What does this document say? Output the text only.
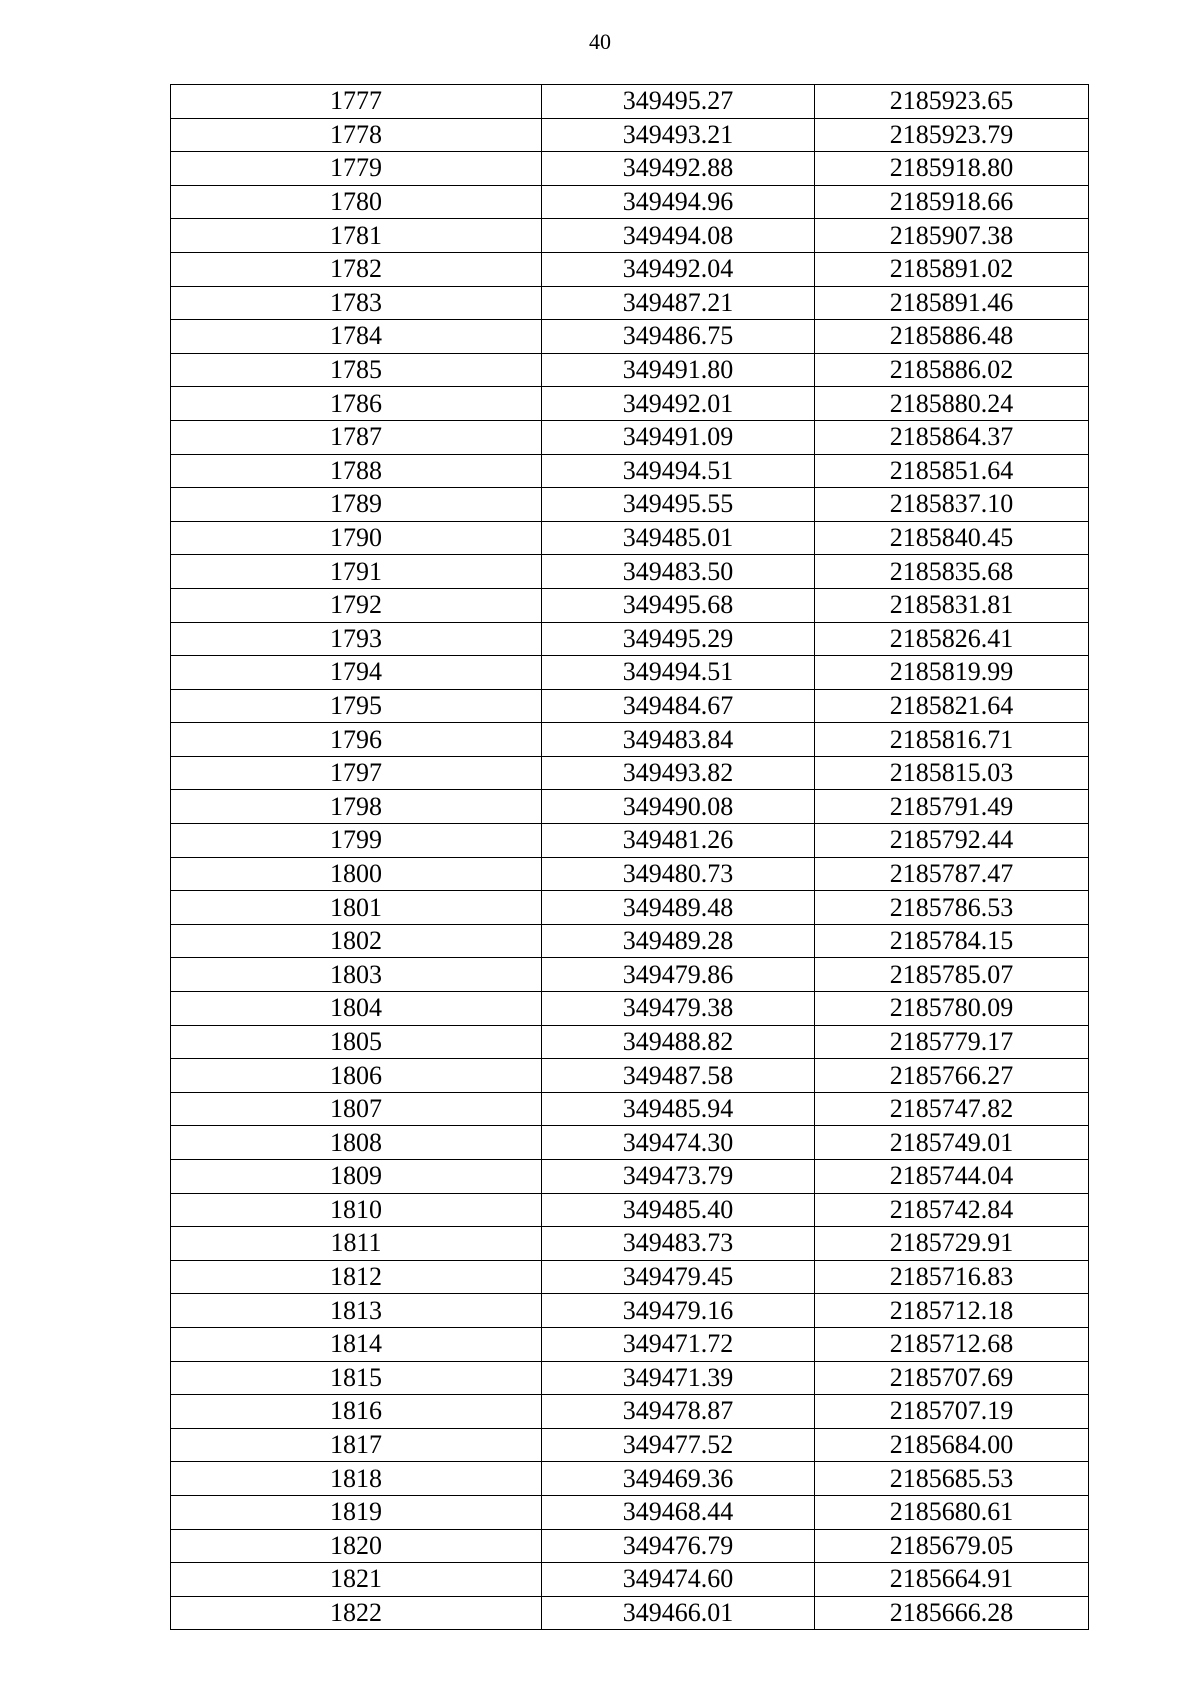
40
1777	349495.27	2185923.65
1778	349493.21	2185923.79
1779	349492.88	2185918.80
1780	349494.96	2185918.66
1781	349494.08	2185907.38
1782	349492.04	2185891.02
1783	349487.21	2185891.46
1784	349486.75	2185886.48
1785	349491.80	2185886.02
1786	349492.01	2185880.24
1787	349491.09	2185864.37
1788	349494.51	2185851.64
1789	349495.55	2185837.10
1790	349485.01	2185840.45
1791	349483.50	2185835.68
1792	349495.68	2185831.81
1793	349495.29	2185826.41
1794	349494.51	2185819.99
1795	349484.67	2185821.64
1796	349483.84	2185816.71
1797	349493.82	2185815.03
1798	349490.08	2185791.49
1799	349481.26	2185792.44
1800	349480.73	2185787.47
1801	349489.48	2185786.53
1802	349489.28	2185784.15
1803	349479.86	2185785.07
1804	349479.38	2185780.09
1805	349488.82	2185779.17
1806	349487.58	2185766.27
1807	349485.94	2185747.82
1808	349474.30	2185749.01
1809	349473.79	2185744.04
1810	349485.40	2185742.84
1811	349483.73	2185729.91
1812	349479.45	2185716.83
1813	349479.16	2185712.18
1814	349471.72	2185712.68
1815	349471.39	2185707.69
1816	349478.87	2185707.19
1817	349477.52	2185684.00
1818	349469.36	2185685.53
1819	349468.44	2185680.61
1820	349476.79	2185679.05
1821	349474.60	2185664.91
1822	349466.01	2185666.28
